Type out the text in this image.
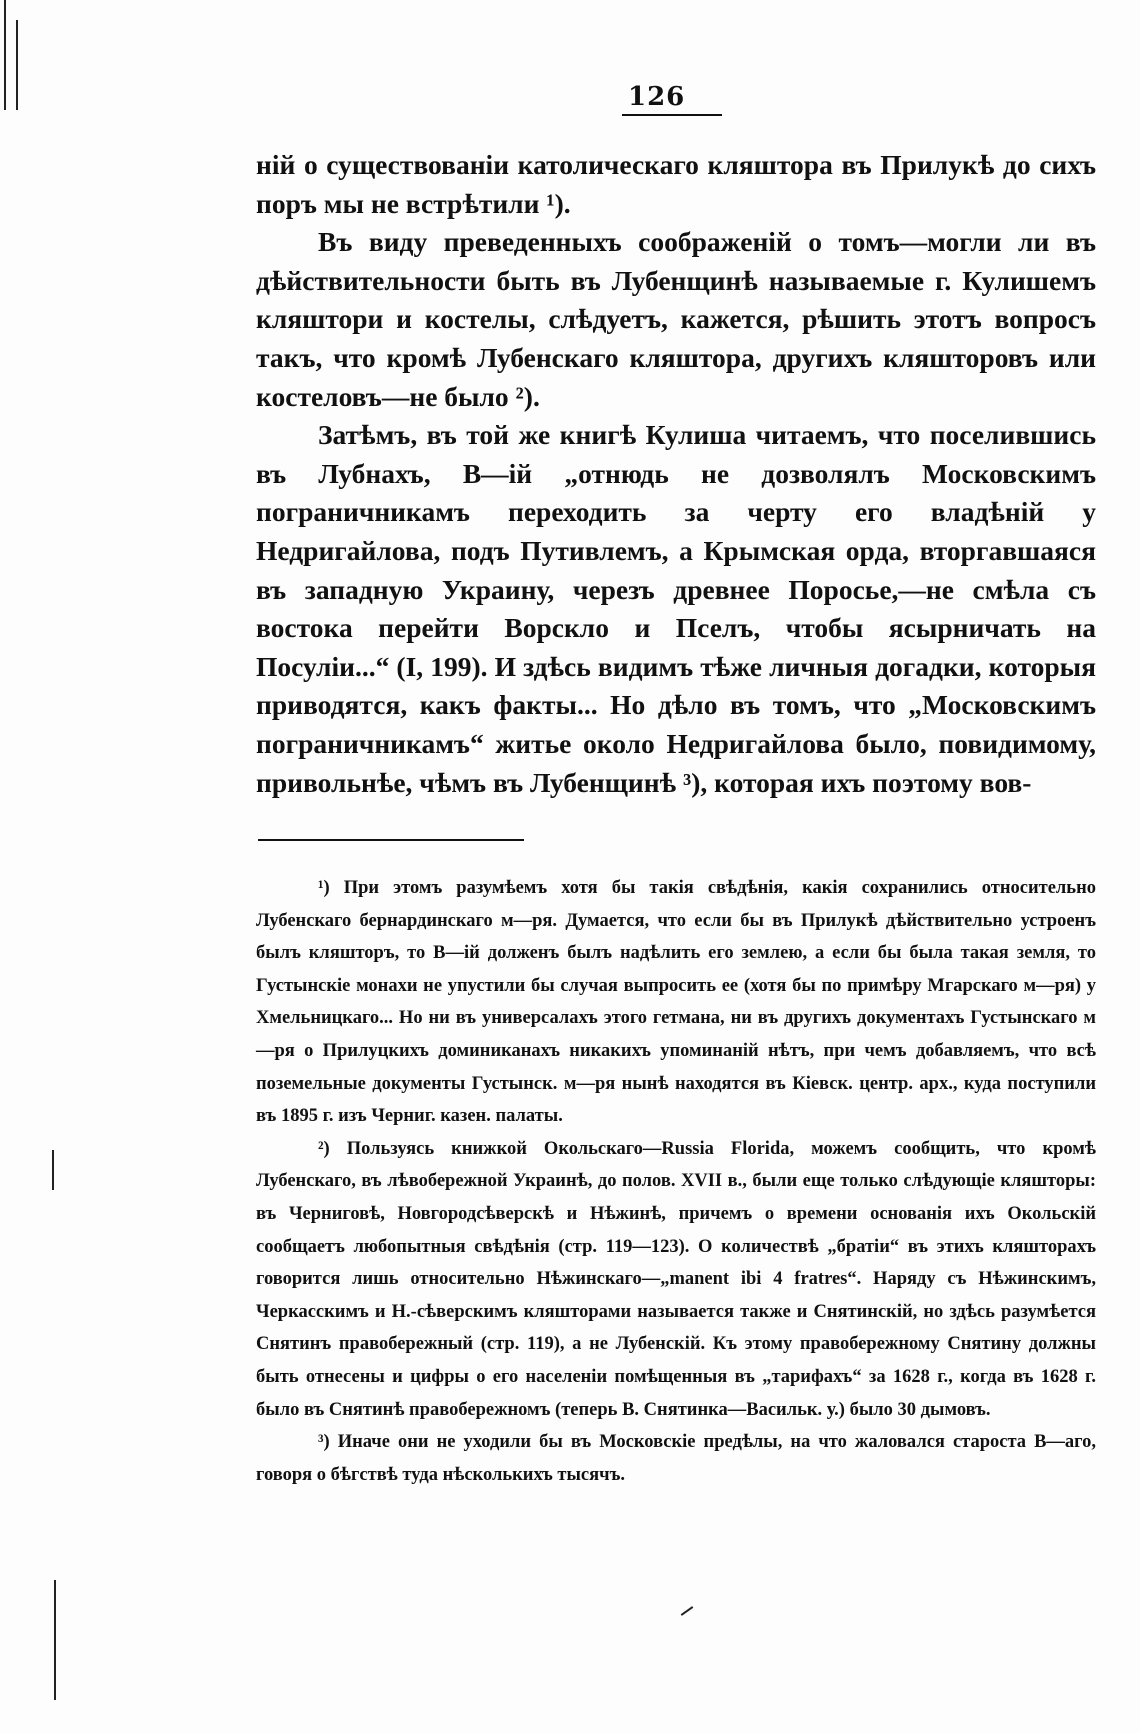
126

ній о существованіи католическаго кляштора въ Прилукѣ до сихъ поръ мы не встрѣтили ¹).

Въ виду преведенныхъ соображеній о томъ—могли ли въ дѣйствительности быть въ Лубенщинѣ называемые г. Кулишемъ кляштори и костелы, слѣдуетъ, кажется, рѣшить этотъ вопросъ такъ, что кромѣ Лубенскаго кляштора, другихъ кляшторовъ или костеловъ—не было ²).

Затѣмъ, въ той же книгѣ Кулиша читаемъ, что поселившись въ Лубнахъ, В—ій „отнюдь не дозволялъ Московскимъ пограничникамъ переходить за черту его владѣній у Недригайлова, подъ Путивлемъ, а Крымская орда, вторгавшаяся въ западную Украину, черезъ древнее Поросье,—не смѣла съ востока перейти Ворскло и Пселъ, чтобы ясырничать на Посуліи...“ (I, 199). И здѣсь видимъ тѣже личныя догадки, которыя приводятся, какъ факты... Но дѣло въ томъ, что „Московскимъ пограничникамъ“ житье около Недригайлова было, повидимому, привольнѣе, чѣмъ въ Лубенщинѣ ³), которая ихъ поэтому вов-

¹) При этомъ разумѣемъ хотя бы такія свѣдѣнія, какія сохранились относительно Лубенскаго бернардинскаго м—ря. Думается, что если бы въ Прилукѣ дѣйствительно устроенъ былъ кляшторъ, то В—ій долженъ былъ надѣлить его землею, а если бы была такая земля, то Густынскіе монахи не упустили бы случая выпросить ее (хотя бы по примѣру Мгарскаго м—ря) у Хмельницкаго... Но ни въ универсалахъ этого гетмана, ни въ другихъ документахъ Густынскаго м—ря о Прилуцкихъ доминиканахъ никакихъ упоминаній нѣтъ, при чемъ добавляемъ, что всѣ поземельные документы Густынск. м—ря нынѣ находятся въ Кіевск. центр. арх., куда поступили въ 1895 г. изъ Черниг. казен. палаты.

²) Пользуясь книжкой Окольскаго—Russia Florida, можемъ сообщить, что кромѣ Лубенскаго, въ лѣвобережной Украинѣ, до полов. XVII в., были еще только слѣдующіе кляшторы: въ Черниговѣ, Новгородсѣверскѣ и Нѣжинѣ, причемъ о времени основанія ихъ Окольскій сообщаетъ любопытныя свѣдѣнія (стр. 119—123). О количествѣ „братіи“ въ этихъ кляшторахъ говорится лишь относительно Нѣжинскаго—„manent ibi 4 fratres“. Наряду съ Нѣжинскимъ, Черкасскимъ и Н.-сѣверскимъ кляшторами называется также и Снятинскій, но здѣсь разумѣется Снятинъ правобережный (стр. 119), а не Лубенскій. Къ этому правобережному Снятину должны быть отнесены и цифры о его населеніи помѣщенныя въ „тарифахъ“ за 1628 г., когда въ 1628 г. было въ Снятинѣ правобережномъ (теперь В. Снятинка—Васильк. у.) было 30 дымовъ.

³) Иначе они не уходили бы въ Московскіе предѣлы, на что жаловался староста В—аго, говоря о бѣгствѣ туда нѣсколькихъ тысячъ.
